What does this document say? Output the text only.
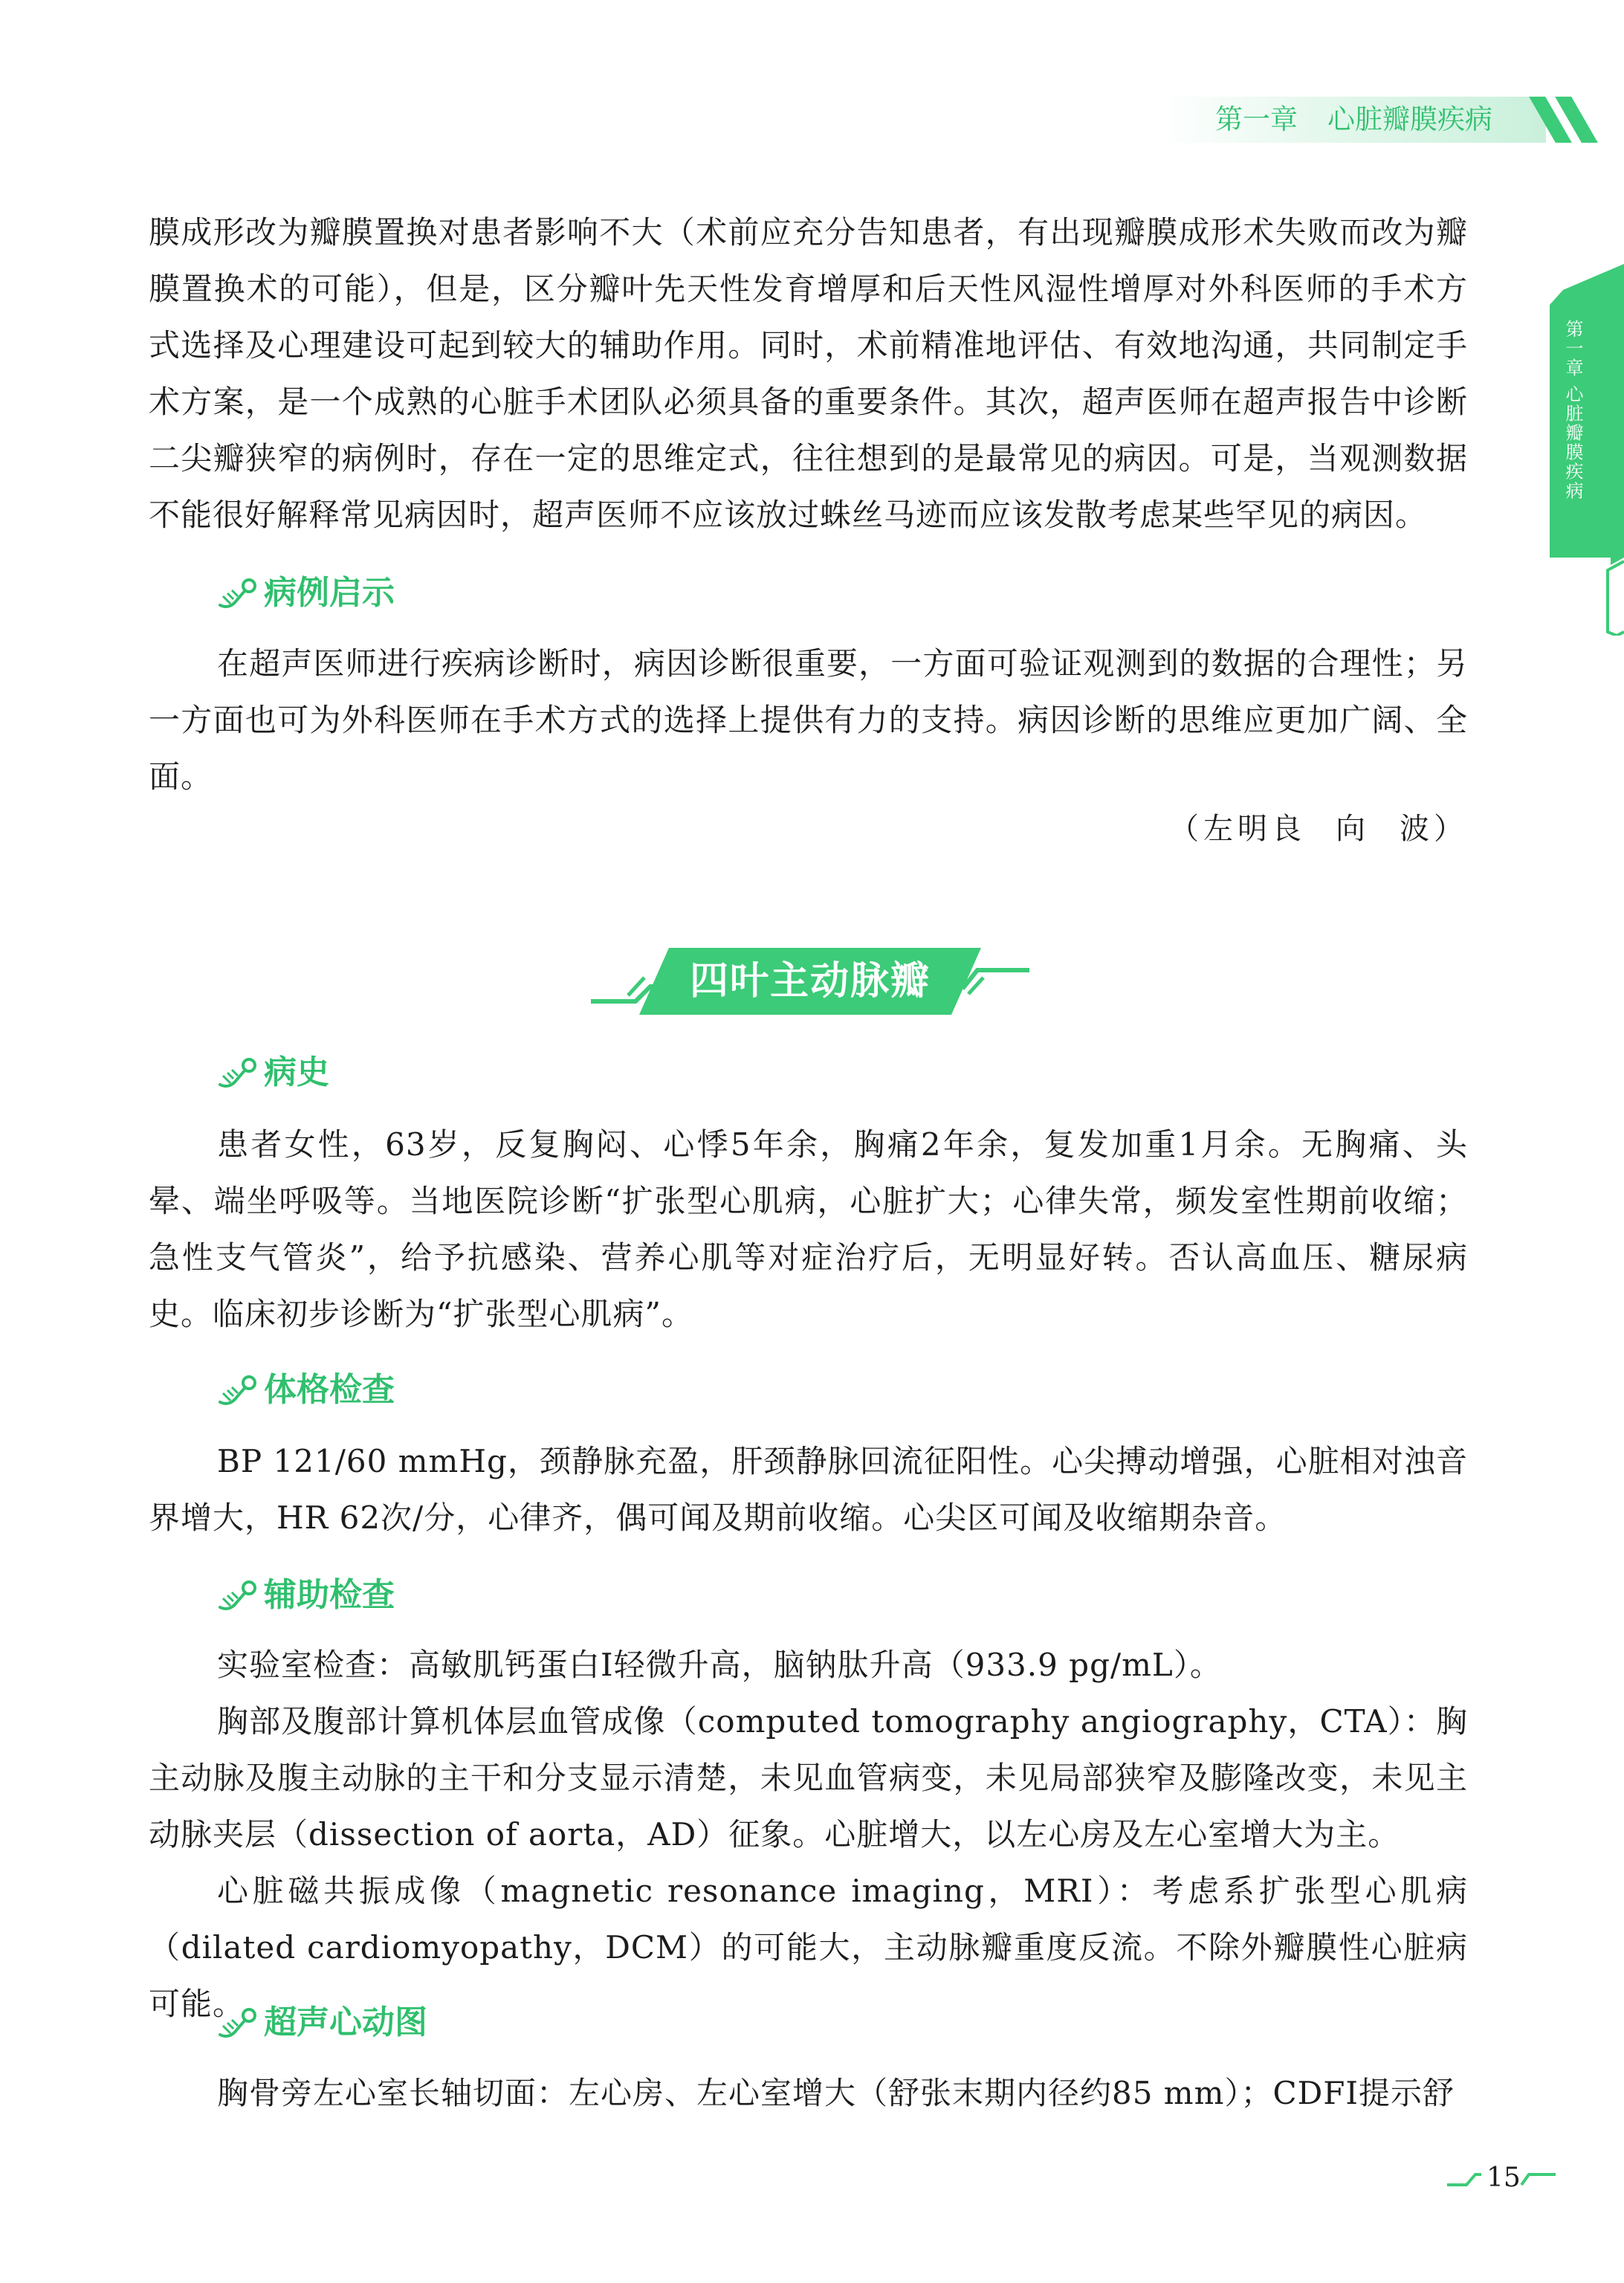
第一章 心脏瓣膜疾病
第一章 心脏瓣膜疾病
膜成形改为瓣膜置换对患者影响不大（术前应充分告知患者，有出现瓣膜成形术失败而改为瓣膜置换术的可能），但是，区分瓣叶先天性发育增厚和后天性风湿性增厚对外科医师的手术方式选择及心理建设可起到较大的辅助作用。同时，术前精准地评估、有效地沟通，共同制定手术方案，是一个成熟的心脏手术团队必须具备的重要条件。其次，超声医师在超声报告中诊断二尖瓣狭窄的病例时，存在一定的思维定式，往往想到的是最常见的病因。可是，当观测数据不能很好解释常见病因时，超声医师不应该放过蛛丝马迹而应该发散考虑某些罕见的病因。
病例启示
在超声医师进行疾病诊断时，病因诊断很重要，一方面可验证观测到的数据的合理性；另一方面也可为外科医师在手术方式的选择上提供有力的支持。病因诊断的思维应更加广阔、全面。
（左明良 向 波）
四叶主动脉瓣
病史
患者女性，63岁，反复胸闷、心悸5年余，胸痛2年余，复发加重1月余。无胸痛、头晕、端坐呼吸等。当地医院诊断“扩张型心肌病，心脏扩大；心律失常，频发室性期前收缩；急性支气管炎”，给予抗感染、营养心肌等对症治疗后，无明显好转。否认高血压、糖尿病史。临床初步诊断为“扩张型心肌病”。
体格检查
BP 121/60 mmHg，颈静脉充盈，肝颈静脉回流征阳性。心尖搏动增强，心脏相对浊音界增大，HR 62次/分，心律齐，偶可闻及期前收缩。心尖区可闻及收缩期杂音。
辅助检查
实验室检查：高敏肌钙蛋白I轻微升高，脑钠肽升高（933.9 pg/mL）。
胸部及腹部计算机体层血管成像（computed tomography angiography，CTA）：胸主动脉及腹主动脉的主干和分支显示清楚，未见血管病变，未见局部狭窄及膨隆改变，未见主动脉夹层（dissection of aorta，AD）征象。心脏增大，以左心房及左心室增大为主。
心脏磁共振成像（magnetic resonance imaging，MRI）：考虑系扩张型心肌病（dilated cardiomyopathy，DCM）的可能大，主动脉瓣重度反流。不除外瓣膜性心脏病可能。 超声心动图
胸骨旁左心室长轴切面：左心房、左心室增大（舒张末期内径约85 mm）；CDFI提示舒
15
